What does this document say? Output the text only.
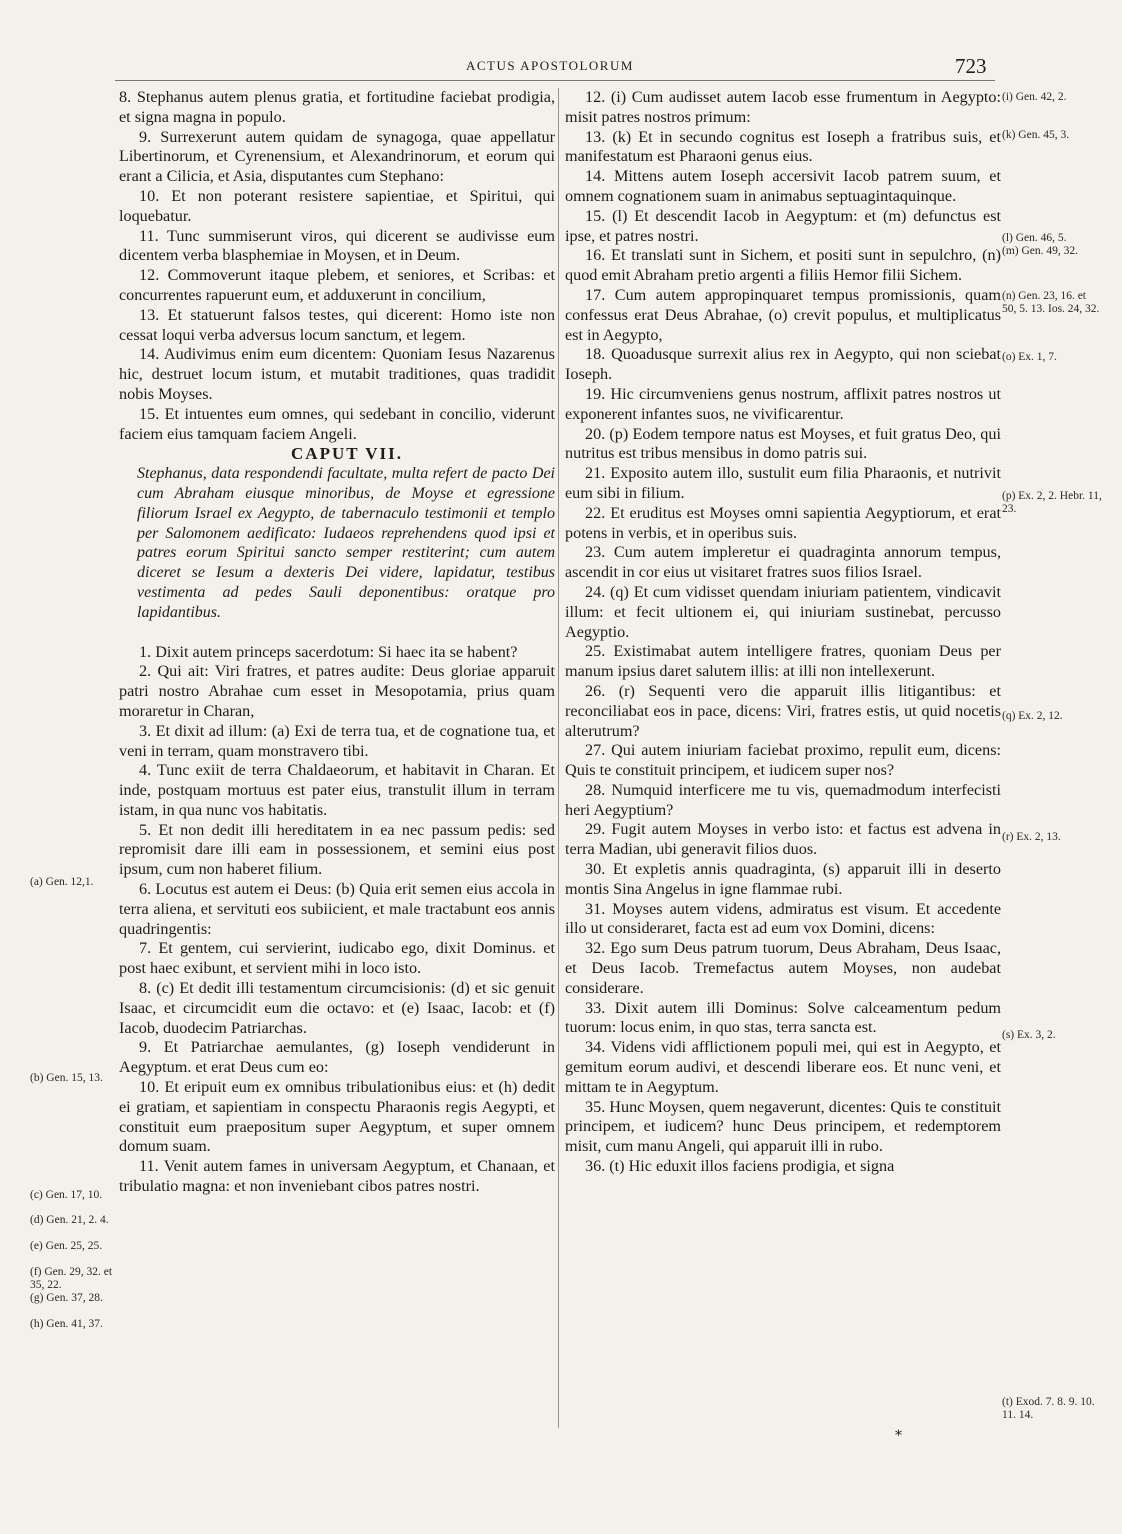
ACTUS APOSTOLORUM	723

8. Stephanus autem plenus gratia, et fortitudine faciebat prodigia, et signa magna in populo.

9. Surrexerunt autem quidam de synagoga, quae appellatur Libertinorum, et Cyrenensium, et Alexandrinorum, et eorum qui erant a Cilicia, et Asia, disputantes cum Stephano:

10. Et non poterant resistere sapientiae, et Spiritui, qui loquebatur.

11. Tunc summiserunt viros, qui dicerent se audivisse eum dicentem verba blasphemiae in Moysen, et in Deum.

12. Commoverunt itaque plebem, et seniores, et Scribas: et concurrentes rapuerunt eum, et adduxerunt in concilium,

13. Et statuerunt falsos testes, qui dicerent: Homo iste non cessat loqui verba adversus locum sanctum, et legem.

14. Audivimus enim eum dicentem: Quoniam Iesus Nazarenus hic, destruet locum istum, et mutabit traditiones, quas tradidit nobis Moyses.

15. Et intuentes eum omnes, qui sedebant in concilio, viderunt faciem eius tamquam faciem Angeli.

CAPUT VII.

Stephanus, data respondendi facultate, multa refert de pacto Dei cum Abraham eiusque minoribus, de Moyse et egressione filiorum Israel ex Aegypto, de tabernaculo testimonii et templo per Salomonem aedificato: Iudaeos reprehendens quod ipsi et patres eorum Spiritui sancto semper restiterint; cum autem diceret se Iesum a dexteris Dei videre, lapidatur, testibus vestimenta ad pedes Sauli deponentibus: oratque pro lapidantibus.

1. Dixit autem princeps sacerdotum: Si haec ita se habent?

2. Qui ait: Viri fratres, et patres audite: Deus gloriae apparuit patri nostro Abrahae cum esset in Mesopotamia, prius quam moraretur in Charan,

3. Et dixit ad illum: (a) Exi de terra tua, et de cognatione tua, et veni in terram, quam monstravero tibi.

4. Tunc exiit de terra Chaldaeorum, et habitavit in Charan. Et inde, postquam mortuus est pater eius, transtulit illum in terram istam, in qua nunc vos habitatis.

5. Et non dedit illi hereditatem in ea nec passum pedis: sed repromisit dare illi eam in possessionem, et semini eius post ipsum, cum non haberet filium.

6. Locutus est autem ei Deus: (b) Quia erit semen eius accola in terra aliena, et servituti eos subiicient, et male tractabunt eos annis quadringentis:

7. Et gentem, cui servierint, iudicabo ego, dixit Dominus. et post haec exibunt, et servient mihi in loco isto.

8. (c) Et dedit illi testamentum circumcisionis: (d) et sic genuit Isaac, et circumcidit eum die octavo: et (e) Isaac, Iacob: et (f) Iacob, duodecim Patriarchas.

9. Et Patriarchae aemulantes, (g) Ioseph vendiderunt in Aegyptum. et erat Deus cum eo:

10. Et eripuit eum ex omnibus tribulationibus eius: et (h) dedit ei gratiam, et sapientiam in conspectu Pharaonis regis Aegypti, et constituit eum praepositum super Aegyptum, et super omnem domum suam.

11. Venit autem fames in universam Aegyptum, et Chanaan, et tribulatio magna: et non inveniebant cibos patres nostri.

12. (i) Cum audisset autem Iacob esse frumentum in Aegypto: misit patres nostros primum:

13. (k) Et in secundo cognitus est Ioseph a fratribus suis, et manifestatum est Pharaoni genus eius.

14. Mittens autem Ioseph accersivit Iacob patrem suum, et omnem cognationem suam in animabus septuagintaquinque.

15. (l) Et descendit Iacob in Aegyptum: et (m) defunctus est ipse, et patres nostri.

16. Et translati sunt in Sichem, et positi sunt in sepulchro, (n) quod emit Abraham pretio argenti a filiis Hemor filii Sichem.

17. Cum autem appropinquaret tempus promissionis, quam confessus erat Deus Abrahae, (o) crevit populus, et multiplicatus est in Aegypto,

18. Quoadusque surrexit alius rex in Aegypto, qui non sciebat Ioseph.

19. Hic circumveniens genus nostrum, afflixit patres nostros ut exponerent infantes suos, ne vivificarentur.

20. (p) Eodem tempore natus est Moyses, et fuit gratus Deo, qui nutritus est tribus mensibus in domo patris sui.

21. Exposito autem illo, sustulit eum filia Pharaonis, et nutrivit eum sibi in filium.

22. Et eruditus est Moyses omni sapientia Aegyptiorum, et erat potens in verbis, et in operibus suis.

23. Cum autem impleretur ei quadraginta annorum tempus, ascendit in cor eius ut visitaret fratres suos filios Israel.

24. (q) Et cum vidisset quendam iniuriam patientem, vindicavit illum: et fecit ultionem ei, qui iniuriam sustinebat, percusso Aegyptio.

25. Existimabat autem intelligere fratres, quoniam Deus per manum ipsius daret salutem illis: at illi non intellexerunt.

26. (r) Sequenti vero die apparuit illis litigantibus: et reconciliabat eos in pace, dicens: Viri, fratres estis, ut quid nocetis alterutrum?

27. Qui autem iniuriam faciebat proximo, repulit eum, dicens: Quis te constituit principem, et iudicem super nos?

28. Numquid interficere me tu vis, quemadmodum interfecisti heri Aegyptium?

29. Fugit autem Moyses in verbo isto: et factus est advena in terra Madian, ubi generavit filios duos.

30. Et expletis annis quadraginta, (s) apparuit illi in deserto montis Sina Angelus in igne flammae rubi.

31. Moyses autem videns, admiratus est visum. Et accedente illo ut consideraret, facta est ad eum vox Domini, dicens:

32. Ego sum Deus patrum tuorum, Deus Abraham, Deus Isaac, et Deus Iacob. Tremefactus autem Moyses, non audebat considerare.

33. Dixit autem illi Dominus: Solve calceamentum pedum tuorum: locus enim, in quo stas, terra sancta est.

34. Videns vidi afflictionem populi mei, qui est in Aegypto, et gemitum eorum audivi, et descendi liberare eos. Et nunc veni, et mittam te in Aegyptum.

35. Hunc Moysen, quem negaverunt, dicentes: Quis te constituit principem, et iudicem? hunc Deus principem, et redemptorem misit, cum manu Angeli, qui apparuit illi in rubo.

36. (t) Hic eduxit illos faciens prodigia, et signa

(a) Gen. 12,1.
(b) Gen. 15, 13.
(c) Gen. 17, 10.
(d) Gen. 21, 2. 4.
(e) Gen. 25, 25.
(f) Gen. 29, 32. et 35, 22.
(g) Gen. 37, 28.
(h) Gen. 41, 37.
(i) Gen. 42, 2.
(k) Gen. 45, 3.
(l) Gen. 46, 5.
(m) Gen. 49, 32.
(n) Gen. 23, 16. et 50, 5. 13. Ios. 24, 32.
(o) Ex. 1, 7.
(p) Ex. 2, 2. Hebr. 11, 23.
(q) Ex. 2, 12.
(r) Ex. 2, 13.
(s) Ex. 3, 2.
(t) Exod. 7. 8. 9. 10. 11. 14.
*
